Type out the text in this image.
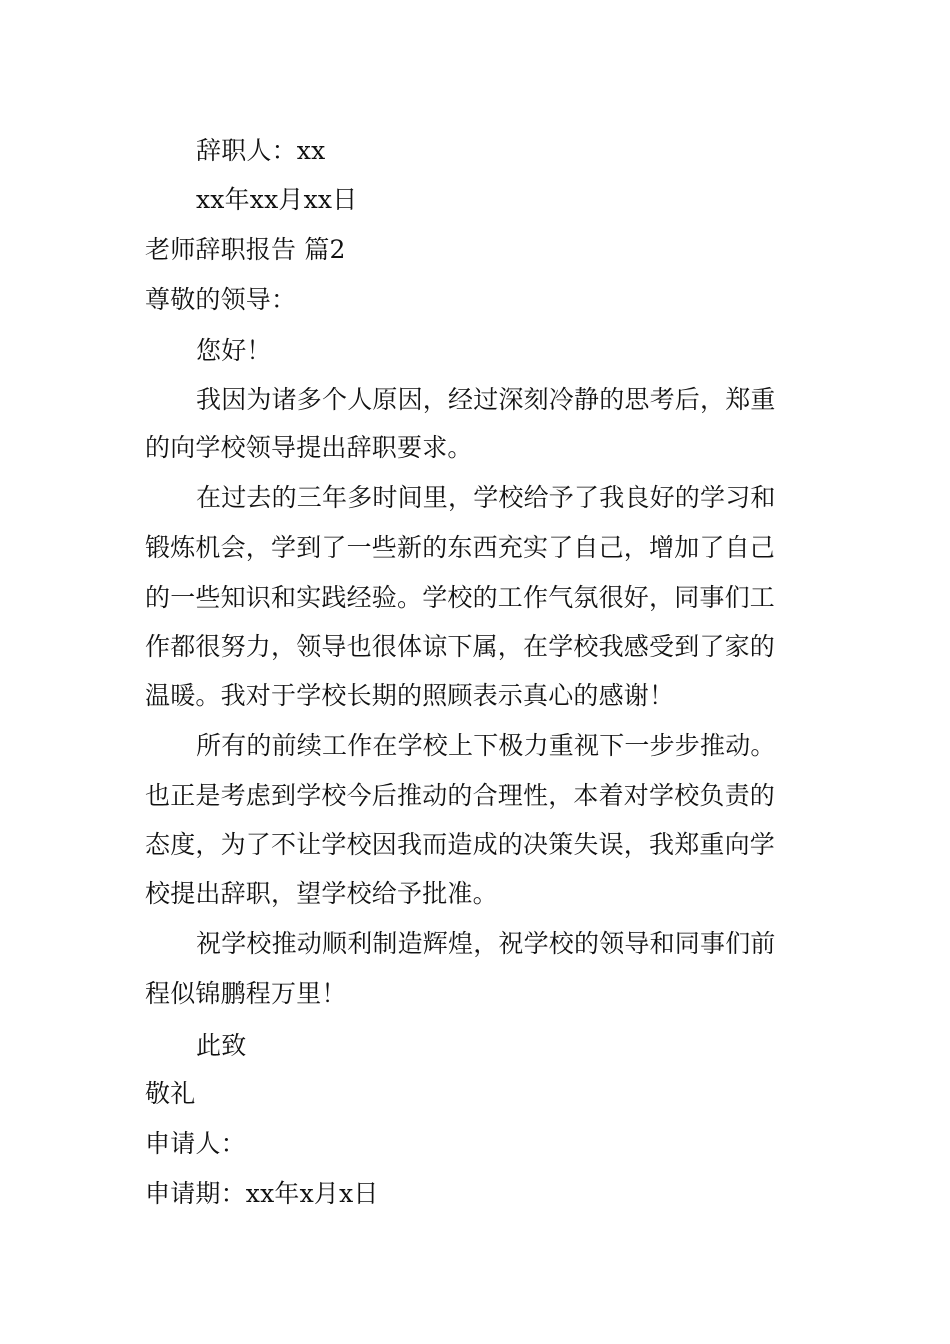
辞职人：xx
xx年xx月xx日
老师辞职报告 篇2
尊敬的领导：
您好！
我因为诸多个人原因，经过深刻冷静的思考后，郑重
的向学校领导提出辞职要求。
在过去的三年多时间里，学校给予了我良好的学习和
锻炼机会，学到了一些新的东西充实了自己，增加了自己
的一些知识和实践经验。学校的工作气氛很好，同事们工
作都很努力，领导也很体谅下属，在学校我感受到了家的
温暖。我对于学校长期的照顾表示真心的感谢！
所有的前续工作在学校上下极力重视下一步步推动。
也正是考虑到学校今后推动的合理性，本着对学校负责的
态度，为了不让学校因我而造成的决策失误，我郑重向学
校提出辞职，望学校给予批准。
祝学校推动顺利制造辉煌，祝学校的领导和同事们前
程似锦鹏程万里！
此致
敬礼
申请人：
申请期：xx年x月x日
